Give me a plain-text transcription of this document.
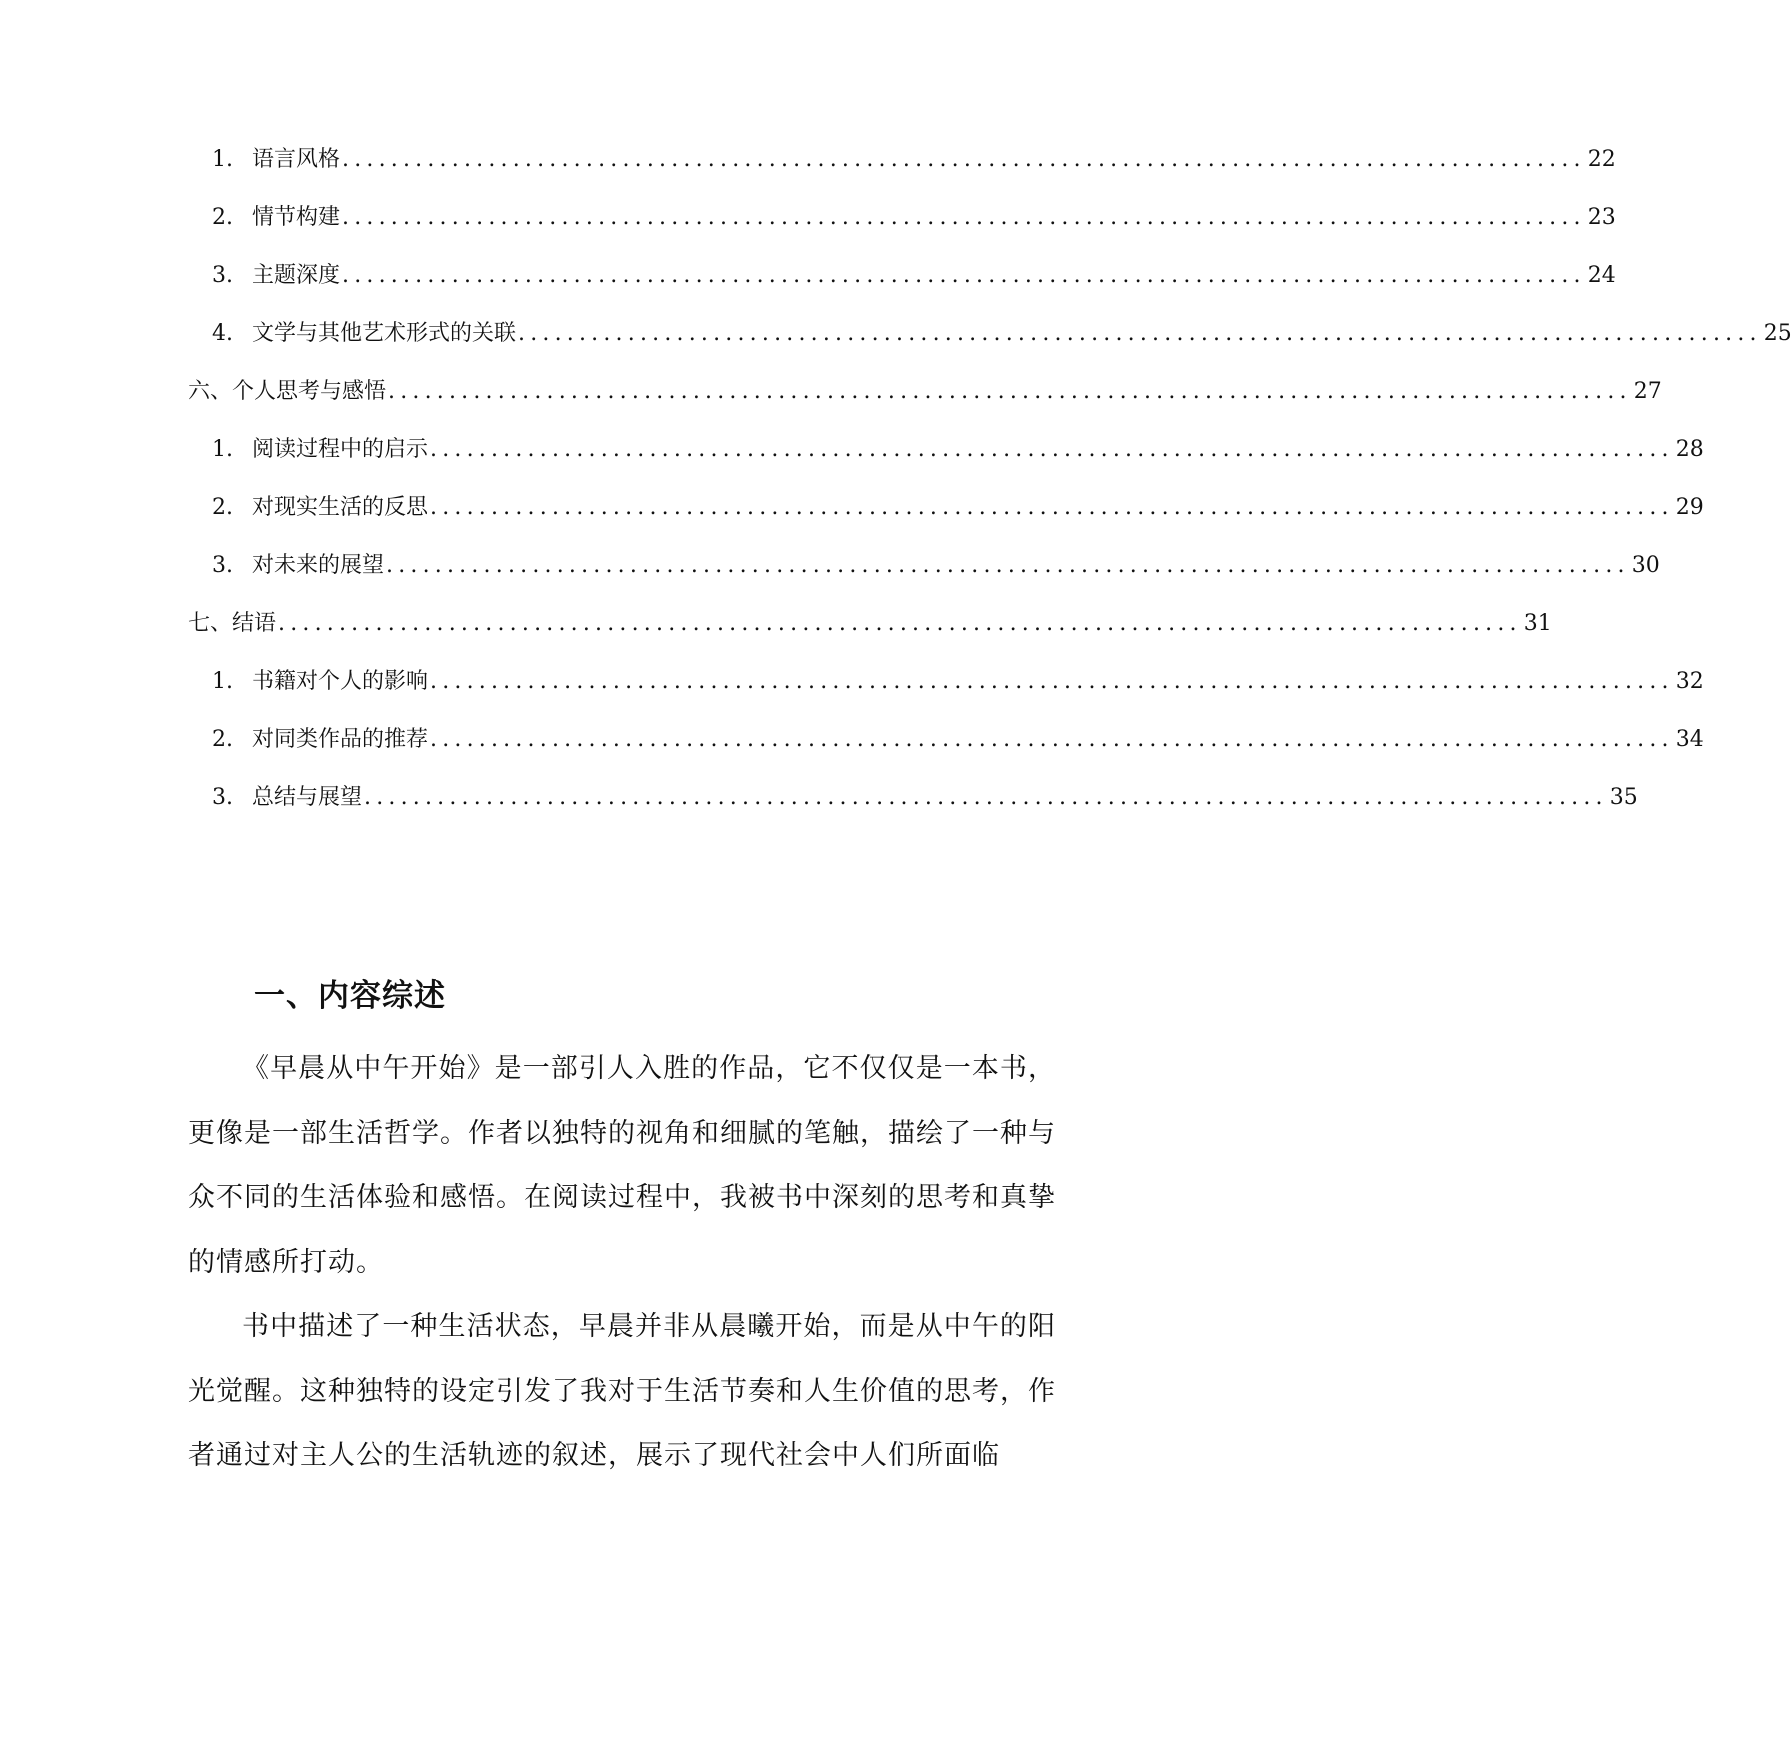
1. 语言风格 ...................................................................................................... 22
2. 情节构建 ...................................................................................................... 23
3. 主题深度 ...................................................................................................... 24
4. 文学与其他艺术形式的关联 ...................................................................................................... 25
六、个人思考与感悟 ...................................................................................................... 27
1. 阅读过程中的启示 ...................................................................................................... 28
2. 对现实生活的反思 ...................................................................................................... 29
3. 对未来的展望 ...................................................................................................... 30
七、结语 ...................................................................................................... 31
1. 书籍对个人的影响 ...................................................................................................... 32
2. 对同类作品的推荐 ...................................................................................................... 34
3. 总结与展望 ...................................................................................................... 35
一、内容综述

《早晨从中午开始》是一部引人入胜的作品，它不仅仅是一本书，更像是一部生活哲学。作者以独特的视角和细腻的笔触，描绘了一种与众不同的生活体验和感悟。在阅读过程中，我被书中深刻的思考和真挚的情感所打动。

书中描述了一种生活状态，早晨并非从晨曦开始，而是从中午的阳光觉醒。这种独特的设定引发了我对于生活节奏和人生价值的思考，作者通过对主人公的生活轨迹的叙述，展示了现代社会中人们所面临
